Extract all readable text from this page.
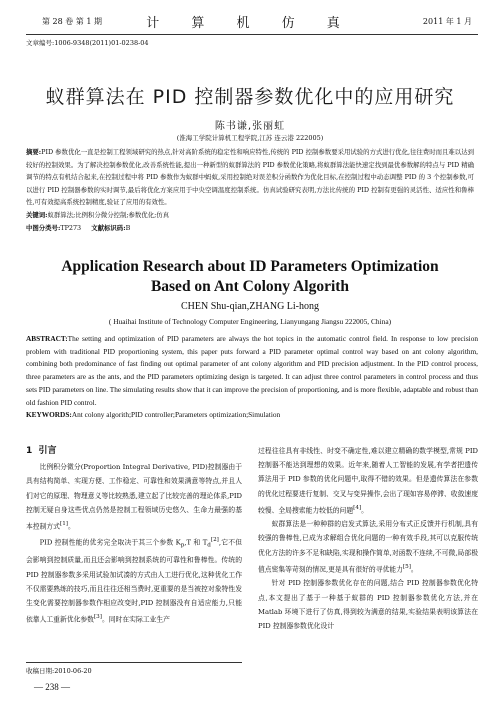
第 28 卷 第 1 期	计 算 机 仿 真	2011 年 1 月
文章编号:1006-9348(2011)01-0238-04
蚁群算法在 PID 控制器参数优化中的应用研究
陈书谦,张丽虹
(淮海工学院计算机工程学院,江苏 连云港 222005)
摘要:PID 参数优化一直是控制工程领域研究的热点,针对高阶系统的稳定性和响应特性,传统的 PID 控制参数要采用试验的方式进行优化,往往费时而且难以达到较好的控制效果。为了解决控制参数优化,改善系统性能,提出一种新型的蚁群算法的 PID 参数优化策略,将蚁群算法能快速定找到最优参数解的特点与 PID 精确调节的特点有机结合起来,在控制过程中将 PID 参数作为蚁群中蚂蚁,采用控制绝对误差积分函数作为优化目标,在控制过程中动态调整 PID 的 3 个控制参数,可以进行 PID 控制器参数的实时调节,最后将优化方案应用于中央空调温度控制系统。仿真试验研究表明,方法比传统的 PID 控制有更强的灵活性、适应性和鲁棒性,可有效提高系统控制精度,验证了应用的有效性。
关键词:蚁群算法;比例积分微分控制;参数优化;仿真
中图分类号:TP273 文献标识码:B
Application Research about ID Parameters Optimization
Based on Ant Colony Algorith
CHEN Shu-qian,ZHANG Li-hong
( Huaihai Institute of Technology Computer Engineering, Lianyungang Jiangsu 222005, China)
ABSTRACT:The setting and optimization of PID parameters are always the hot topics in the automatic control field. In response to low precision problem with traditional PID proportioning system, this paper puts forward a PID parameter optimal control way based on ant colony algorithm, combining both predominance of fast finding out optimal parameter of ant colony algorithm and PID precision adjustment. In the PID control process, three parameters are as the ants, and the PID parameters optimizing design is targeted. It can adjust three control parameters in control process and thus sets PID parameters on line. The simulating results show that it can improve the precision of proportioning, and is more flexible, adaptable and robust than old fashion PID control.
KEYWORDS:Ant colony algorith;PID controller;Parameters optimization;Simulation
1 引言

比例积分微分(Proportion Integral Derivative, PID)控制器由于具有结构简单、实现方便、工作稳定、可靠性和效果满意等特点,并且人们对它的原理、物理意义等比较熟悉,建立起了比较完善的理论体系,PID 控制无疑自身这些优点仍然是控制工程领域历史悠久、生命力最强的基本控制方式[1]。

PID 控制性能的优劣完全取决于其三个参数 $K_p,T$ 和 $T_d[2]$,它不但会影响到控制质量,而且还会影响到控制系统的可靠性和鲁棒性。传统的 PID 控制器参数多采用试验加试凑的方式由人工进行优化,这种优化工作不仅需要熟练的技巧,而且往往还相当费时,更重要的是当被控对象特性发生变化需要控制器参数作相应改变时,PID 控制器没有自适应能力,只能依靠人工重新优化参数[3]。同时在实际工业生产

收稿日期:2010-06-20
— 238 —

过程往往具有非线性、时变不确定性,难以建立精确的数学模型,常规 PID 控制器不能达到理想的效果。近年来,随着人工智能的发展,有学者把遗传算法用于 PID 参数的优化问题中,取得不错的效果。但是遗传算法在参数的优化过程要进行复制、交叉与变异操作,会出了现如容易停滞、收敛速度较慢、全局搜索能力较低的问题[4]。

蚁群算法是一种种群的启发式算法,采用分布式正反馈并行机制,具有较强的鲁棒性,已成为求解组合优化问题的一种有效手段,其可以克服传统优化方法的许多不足和缺陷,实现和操作简单,对函数不连续,不可微,局部极值点密集等苛刻的情况,更是具有很好的寻优能力[5]。

针对 PID 控制器参数优化存在的问题,结合 PID 控制器参数优化特点,本文提出了基于一种基于蚁群的 PID 控制器参数优化方法,并在 Matlab 环境下进行了仿真,得到较为满意的结果,实验结果表明该算法在 PID 控制器参数优化设计
